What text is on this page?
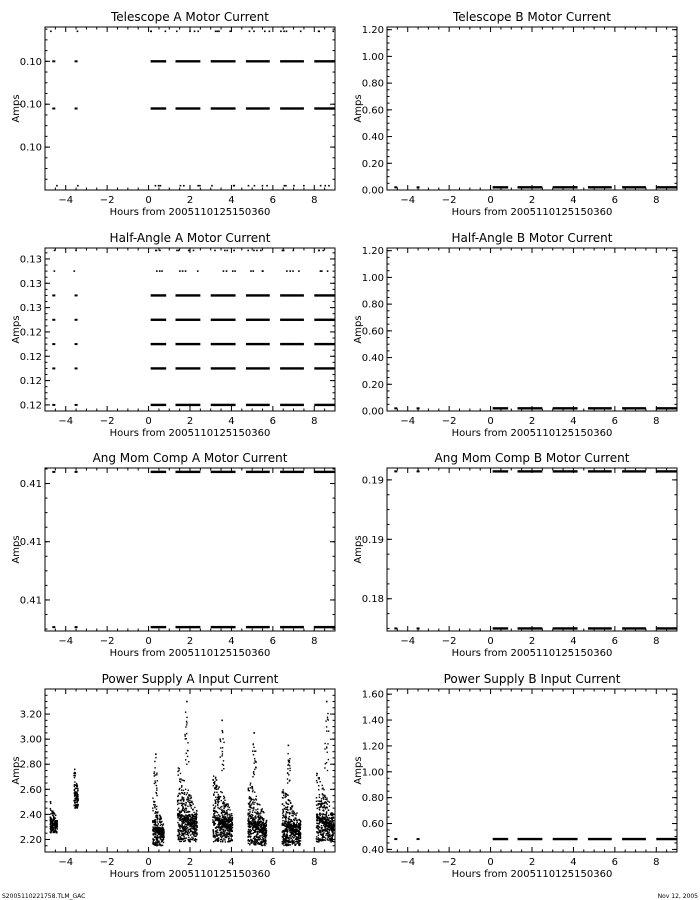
Telescope A Motor Current
−4	−2	0	2	4	6	8
0.10
0.10
0.10
Hours from 2005110125150360
Amps
Telescope B Motor Current
−4	−2	0	2	4	6	8
0.00
0.20
0.40
0.60
0.80
1.00
1.20
Hours from 2005110125150360
Amps
Half-Angle A Motor Current
−4	−2	0	2	4	6	8
0.12
0.12
0.12
0.12
0.13
0.13
0.13
Hours from 2005110125150360
Amps
Half-Angle B Motor Current
−4	−2	0	2	4	6	8
0.00
0.20
0.40
0.60
0.80
1.00
1.20
Hours from 2005110125150360
Amps
Ang Mom Comp A Motor Current
−4	−2	0	2	4	6	8
0.41
0.41
0.41
Hours from 2005110125150360
Amps
Ang Mom Comp B Motor Current
−4	−2	0	2	4	6	8
0.19
0.19
0.18
Hours from 2005110125150360
Amps
Power Supply A Input Current
−4	−2	0	2	4	6	8
2.20
2.40
2.60
2.80
3.00
3.20
Hours from 2005110125150360
Amps
Power Supply B Input Current
−4	−2	0	2	4	6	8
0.40
0.60
0.80
1.00
1.20
1.40
1.60
Hours from 2005110125150360
Amps
S2005110221758.TLM_GAC	Nov 12, 2005
